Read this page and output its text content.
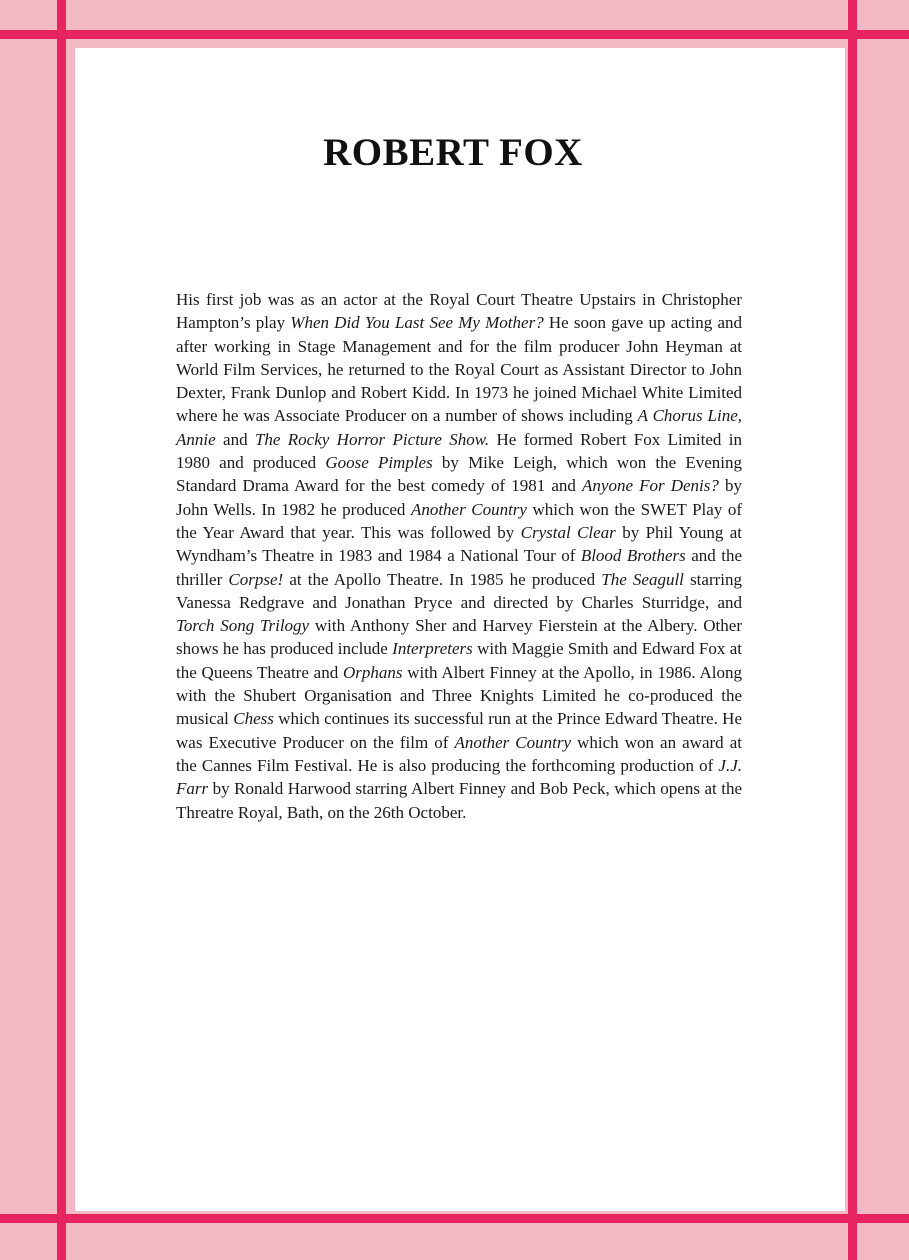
ROBERT FOX

His first job was as an actor at the Royal Court Theatre Upstairs in Christopher Hampton’s play When Did You Last See My Mother? He soon gave up acting and after working in Stage Management and for the film producer John Heyman at World Film Services, he returned to the Royal Court as Assistant Director to John Dexter, Frank Dunlop and Robert Kidd. In 1973 he joined Michael White Limited where he was Associate Producer on a number of shows including A Chorus Line, Annie and The Rocky Horror Picture Show. He formed Robert Fox Limited in 1980 and produced Goose Pimples by Mike Leigh, which won the Evening Standard Drama Award for the best comedy of 1981 and Anyone For Denis? by John Wells. In 1982 he produced Another Country which won the SWET Play of the Year Award that year. This was followed by Crystal Clear by Phil Young at Wyndham’s Theatre in 1983 and 1984 a National Tour of Blood Brothers and the thriller Corpse! at the Apollo Theatre. In 1985 he produced The Seagull starring Vanessa Redgrave and Jonathan Pryce and directed by Charles Sturridge, and Torch Song Trilogy with Anthony Sher and Harvey Fierstein at the Albery. Other shows he has produced include Interpreters with Maggie Smith and Edward Fox at the Queens Theatre and Orphans with Albert Finney at the Apollo, in 1986. Along with the Shubert Organisation and Three Knights Limited he co-produced the musical Chess which continues its successful run at the Prince Edward Theatre. He was Executive Producer on the film of Another Country which won an award at the Cannes Film Festival. He is also producing the forthcoming production of J.J. Farr by Ronald Harwood starring Albert Finney and Bob Peck, which opens at the Threatre Royal, Bath, on the 26th October.
